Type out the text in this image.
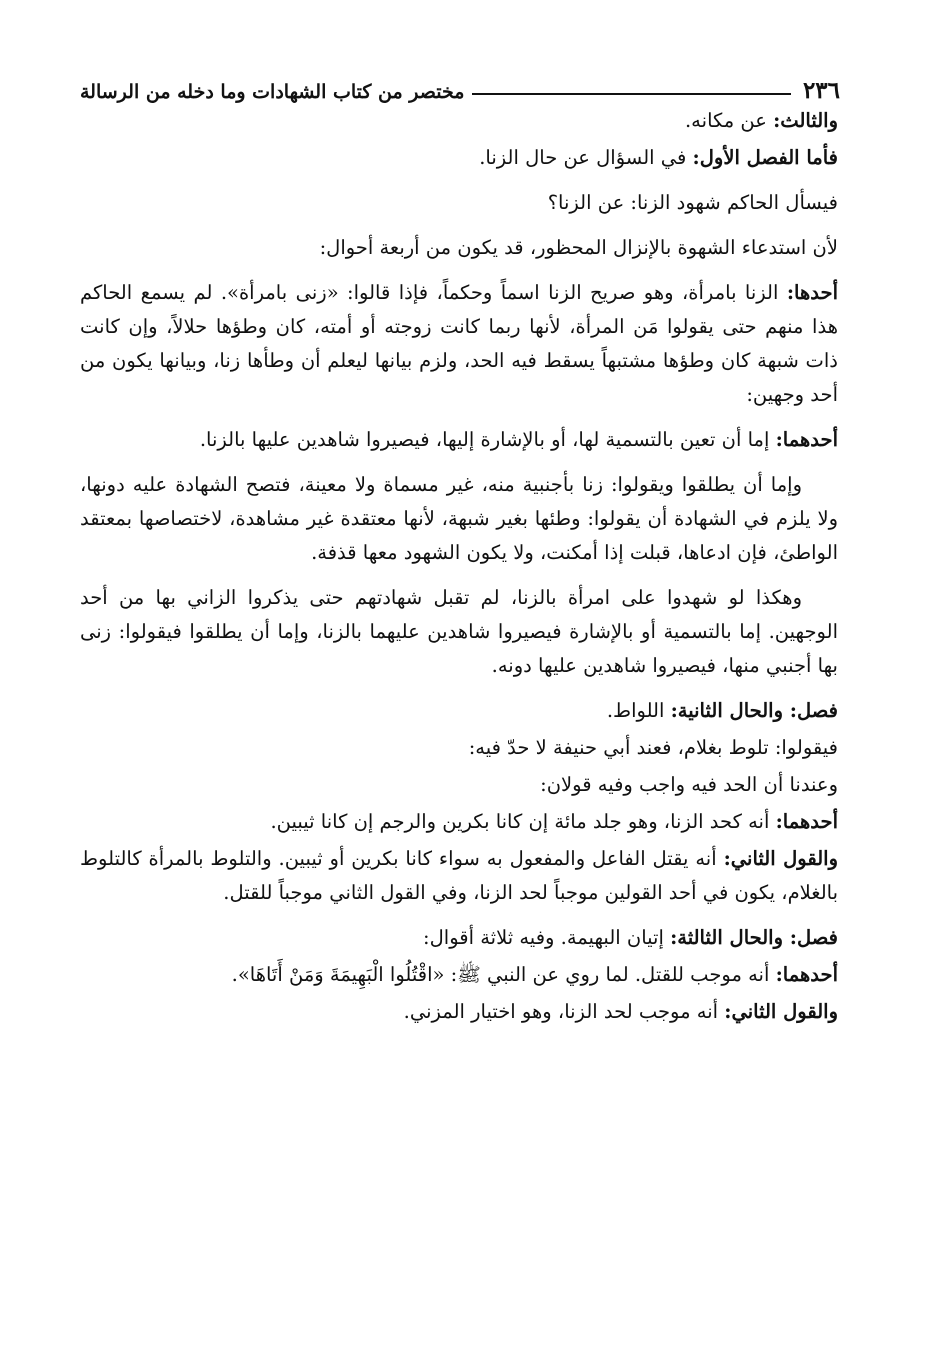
٢٣٦
مختصر من كتاب الشهادات وما دخله من الرسالة

والثالث: عن مكانه.

فأما الفصل الأول: في السؤال عن حال الزنا.

فيسأل الحاكم شهود الزنا: عن الزنا؟

لأن استدعاء الشهوة بالإنزال المحظور، قد يكون من أربعة أحوال:

أحدها: الزنا بامرأة، وهو صريح الزنا اسماً وحكماً، فإذا قالوا: «زنى بامرأة». لم يسمع الحاكم هذا منهم حتى يقولوا مَن المرأة، لأنها ربما كانت زوجته أو أمته، كان وطؤها حلالاً، وإن كانت ذات شبهة كان وطؤها مشتبهاً يسقط فيه الحد، ولزم بيانها ليعلم أن وطأها زنا، وبيانها يكون من أحد وجهين:

أحدهما: إما أن تعين بالتسمية لها، أو بالإشارة إليها، فيصيروا شاهدين عليها بالزنا.

وإما أن يطلقوا ويقولوا: زنا بأجنبية منه، غير مسماة ولا معينة، فتصح الشهادة عليه دونها، ولا يلزم في الشهادة أن يقولوا: وطئها بغير شبهة، لأنها معتقدة غير مشاهدة، لاختصاصها بمعتقد الواطئ، فإن ادعاها، قبلت إذا أمكنت، ولا يكون الشهود معها قذفة.

وهكذا لو شهدوا على امرأة بالزنا، لم تقبل شهادتهم حتى يذكروا الزاني بها من أحد الوجهين. إما بالتسمية أو بالإشارة فيصيروا شاهدين عليهما بالزنا، وإما أن يطلقوا فيقولوا: زنى بها أجنبي منها، فيصيروا شاهدين عليها دونه.

فصل: والحال الثانية: اللواط.

فيقولوا: تلوط بغلام، فعند أبي حنيفة لا حدّ فيه:

وعندنا أن الحد فيه واجب وفيه قولان:

أحدهما: أنه كحد الزنا، وهو جلد مائة إن كانا بكرين والرجم إن كانا ثيبين.

والقول الثاني: أنه يقتل الفاعل والمفعول به سواء كانا بكرين أو ثيبين. والتلوط بالمرأة كالتلوط بالغلام، يكون في أحد القولين موجباً لحد الزنا، وفي القول الثاني موجباً للقتل.

فصل: والحال الثالثة: إتيان البهيمة. وفيه ثلاثة أقوال:

أحدهما: أنه موجب للقتل. لما روي عن النبي ﷺ: «اقْتُلُوا الْبَهِيمَةَ وَمَنْ أَتَاهَا».

والقول الثاني: أنه موجب لحد الزنا، وهو اختيار المزني.
